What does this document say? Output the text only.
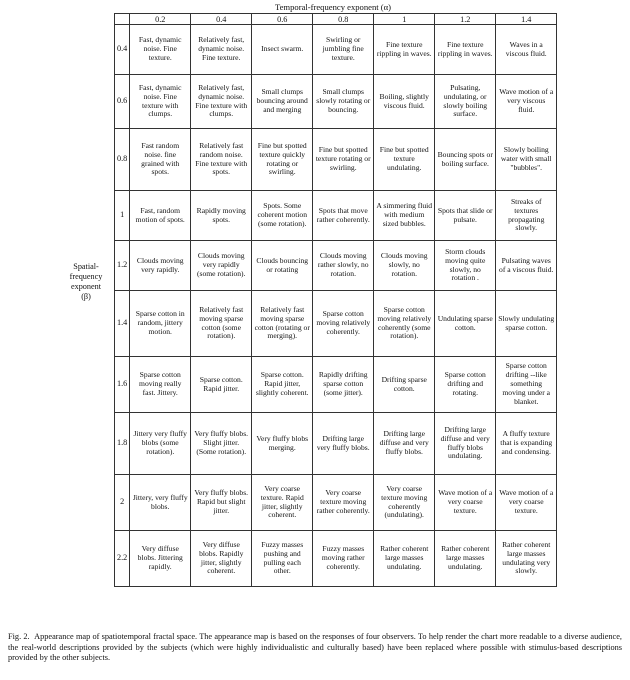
Temporal-frequency exponent (α)
Spatial-
frequency
exponent
(β)
	0.2	0.4	0.6	0.8	1	1.2	1.4
0.4	Fast, dynamic noise. Fine texture.	Relatively fast, dynamic noise. Fine texture.	Insect swarm.	Swirling or jumbling fine texture.	Fine texture rippling in waves.	Fine texture rippling in waves.	Waves in a viscous fluid.
0.6	Fast, dynamic noise. Fine texture with clumps.	Relatively fast, dynamic noise. Fine texture with clumps.	Small clumps bouncing around and merging	Small clumps slowly rotating or bouncing.	Boiling, slightly viscous fluid.	Pulsating, undulating, or slowly boiling surface.	Wave motion of a very viscous fluid.
0.8	Fast random noise. fine grained with spots.	Relatively fast random noise. Fine texture with spots.	Fine but spotted texture quickly rotating or swirling.	Fine but spotted texture rotating or swirling.	Fine but spotted texture undulating.	Bouncing spots or boiling surface.	Slowly boiling water with small "bubbles".
1	Fast, random motion of spots.	Rapidly moving spots.	Spots. Some coherent motion (some rotation).	Spots that move rather coherently.	A simmering fluid with medium sized bubbles.	Spots that slide or pulsate.	Streaks of textures propagating slowly.
1.2	Clouds moving very rapidly.	Clouds moving very rapidly (some rotation).	Clouds bouncing or rotating	Clouds moving rather slowly, no rotation.	Clouds moving slowly, no rotation.	Storm clouds moving quite slowly, no rotation .	Pulsating waves of a viscous fluid.
1.4	Sparse cotton in random, jittery motion.	Relatively fast moving sparse cotton (some rotation).	Relatively fast moving sparse cotton (rotating or merging).	Sparse cotton moving relatively coherently.	Sparse cotton moving relatively coherently (some rotation).	Undulating sparse cotton.	Slowly undulating sparse cotton.
1.6	Sparse cotton moving really fast. Jittery.	Sparse cotton. Rapid jitter.	Sparse cotton. Rapid jitter, slightly coherent.	Rapidly drifting sparse cotton (some jitter).	Drifting sparse cotton.	Sparse cotton drifting and rotating.	Sparse cotton drifting --like something moving under a blanket.
1.8	Jittery very fluffy blobs (some rotation).	Very fluffy blobs. Slight jitter. (Some rotation).	Very fluffy blobs merging.	Drifting large very fluffy blobs.	Drifting large diffuse and very fluffy blobs.	Drifting large diffuse and very fluffy blobs undulating.	A fluffy texture that is expanding and condensing.
2	Jittery, very fluffy blobs.	Very fluffy blobs. Rapid but slight jitter.	Very coarse texture. Rapid jitter, slightly coherent.	Very coarse texture moving rather coherently.	Very coarse texture moving coherently (undulating).	Wave motion of a very coarse texture.	Wave motion of a very coarse texture.
2.2	Very diffuse blobs. Jittering rapidly.	Very diffuse blobs. Rapidly jitter, slightly coherent.	Fuzzy masses pushing and pulling each other.	Fuzzy masses moving rather coherently.	Rather coherent large masses undulating.	Rather coherent large masses undulating.	Rather coherent large masses undulating very slowly.
Fig. 2. Appearance map of spatiotemporal fractal space. The appearance map is based on the responses of four observers. To help render the chart more readable to a diverse audience, the real-world descriptions provided by the subjects (which were highly individualistic and culturally based) have been replaced where possible with stimulus-based descriptions provided by the other subjects.
